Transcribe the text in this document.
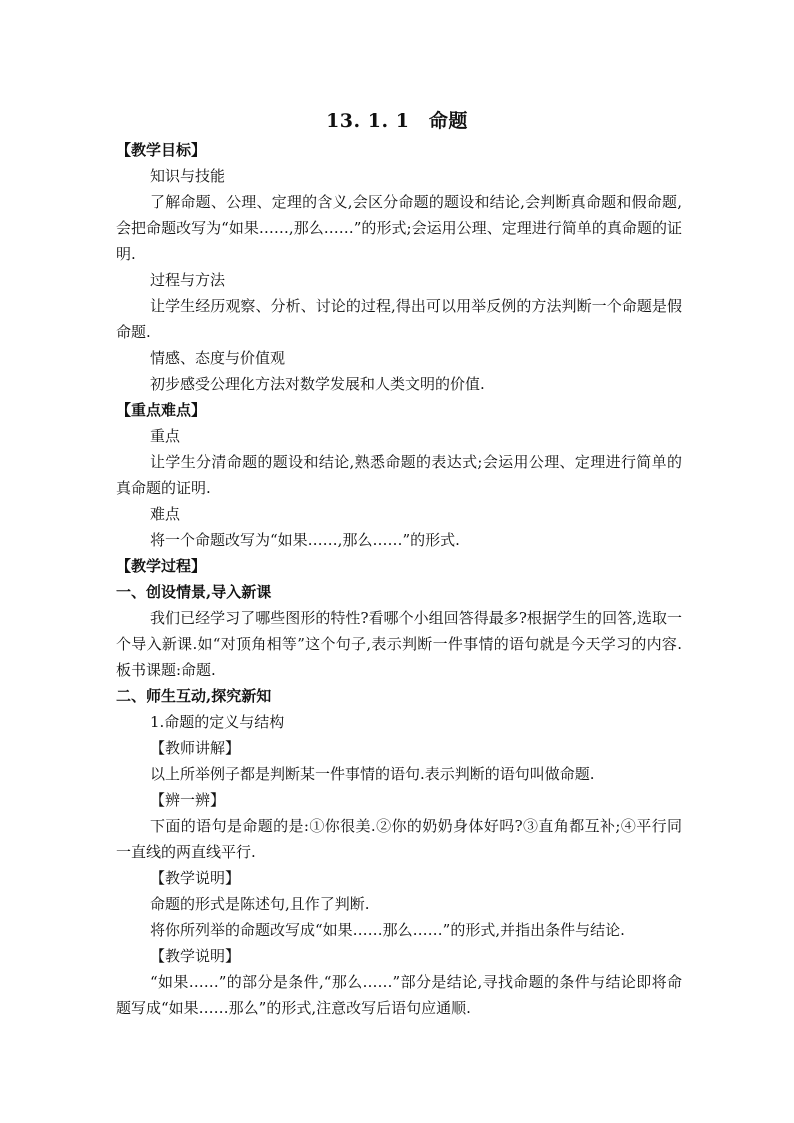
13. 1. 1　命题
【教学目标】
知识与技能
了解命题、公理、定理的含义,会区分命题的题设和结论,会判断真命题和假命题,会把命题改写为“如果……,那么……”的形式;会运用公理、定理进行简单的真命题的证明.
过程与方法
让学生经历观察、分析、讨论的过程,得出可以用举反例的方法判断一个命题是假命题.
情感、态度与价值观
初步感受公理化方法对数学发展和人类文明的价值.
【重点难点】
重点
让学生分清命题的题设和结论,熟悉命题的表达式;会运用公理、定理进行简单的真命题的证明.
难点
将一个命题改写为“如果……,那么……”的形式.
【教学过程】
一、创设情景,导入新课
我们已经学习了哪些图形的特性?看哪个小组回答得最多?根据学生的回答,选取一个导入新课.如“对顶角相等”这个句子,表示判断一件事情的语句就是今天学习的内容.板书课题:命题.
二、师生互动,探究新知
1.命题的定义与结构
【教师讲解】
以上所举例子都是判断某一件事情的语句.表示判断的语句叫做命题.
【辨一辨】
下面的语句是命题的是:①你很美.②你的奶奶身体好吗?③直角都互补;④平行同一直线的两直线平行.
【教学说明】
命题的形式是陈述句,且作了判断.
将你所列举的命题改写成“如果……那么……”的形式,并指出条件与结论.
【教学说明】
“如果……”的部分是条件,“那么……”部分是结论,寻找命题的条件与结论即将命题写成“如果……那么”的形式,注意改写后语句应通顺.
